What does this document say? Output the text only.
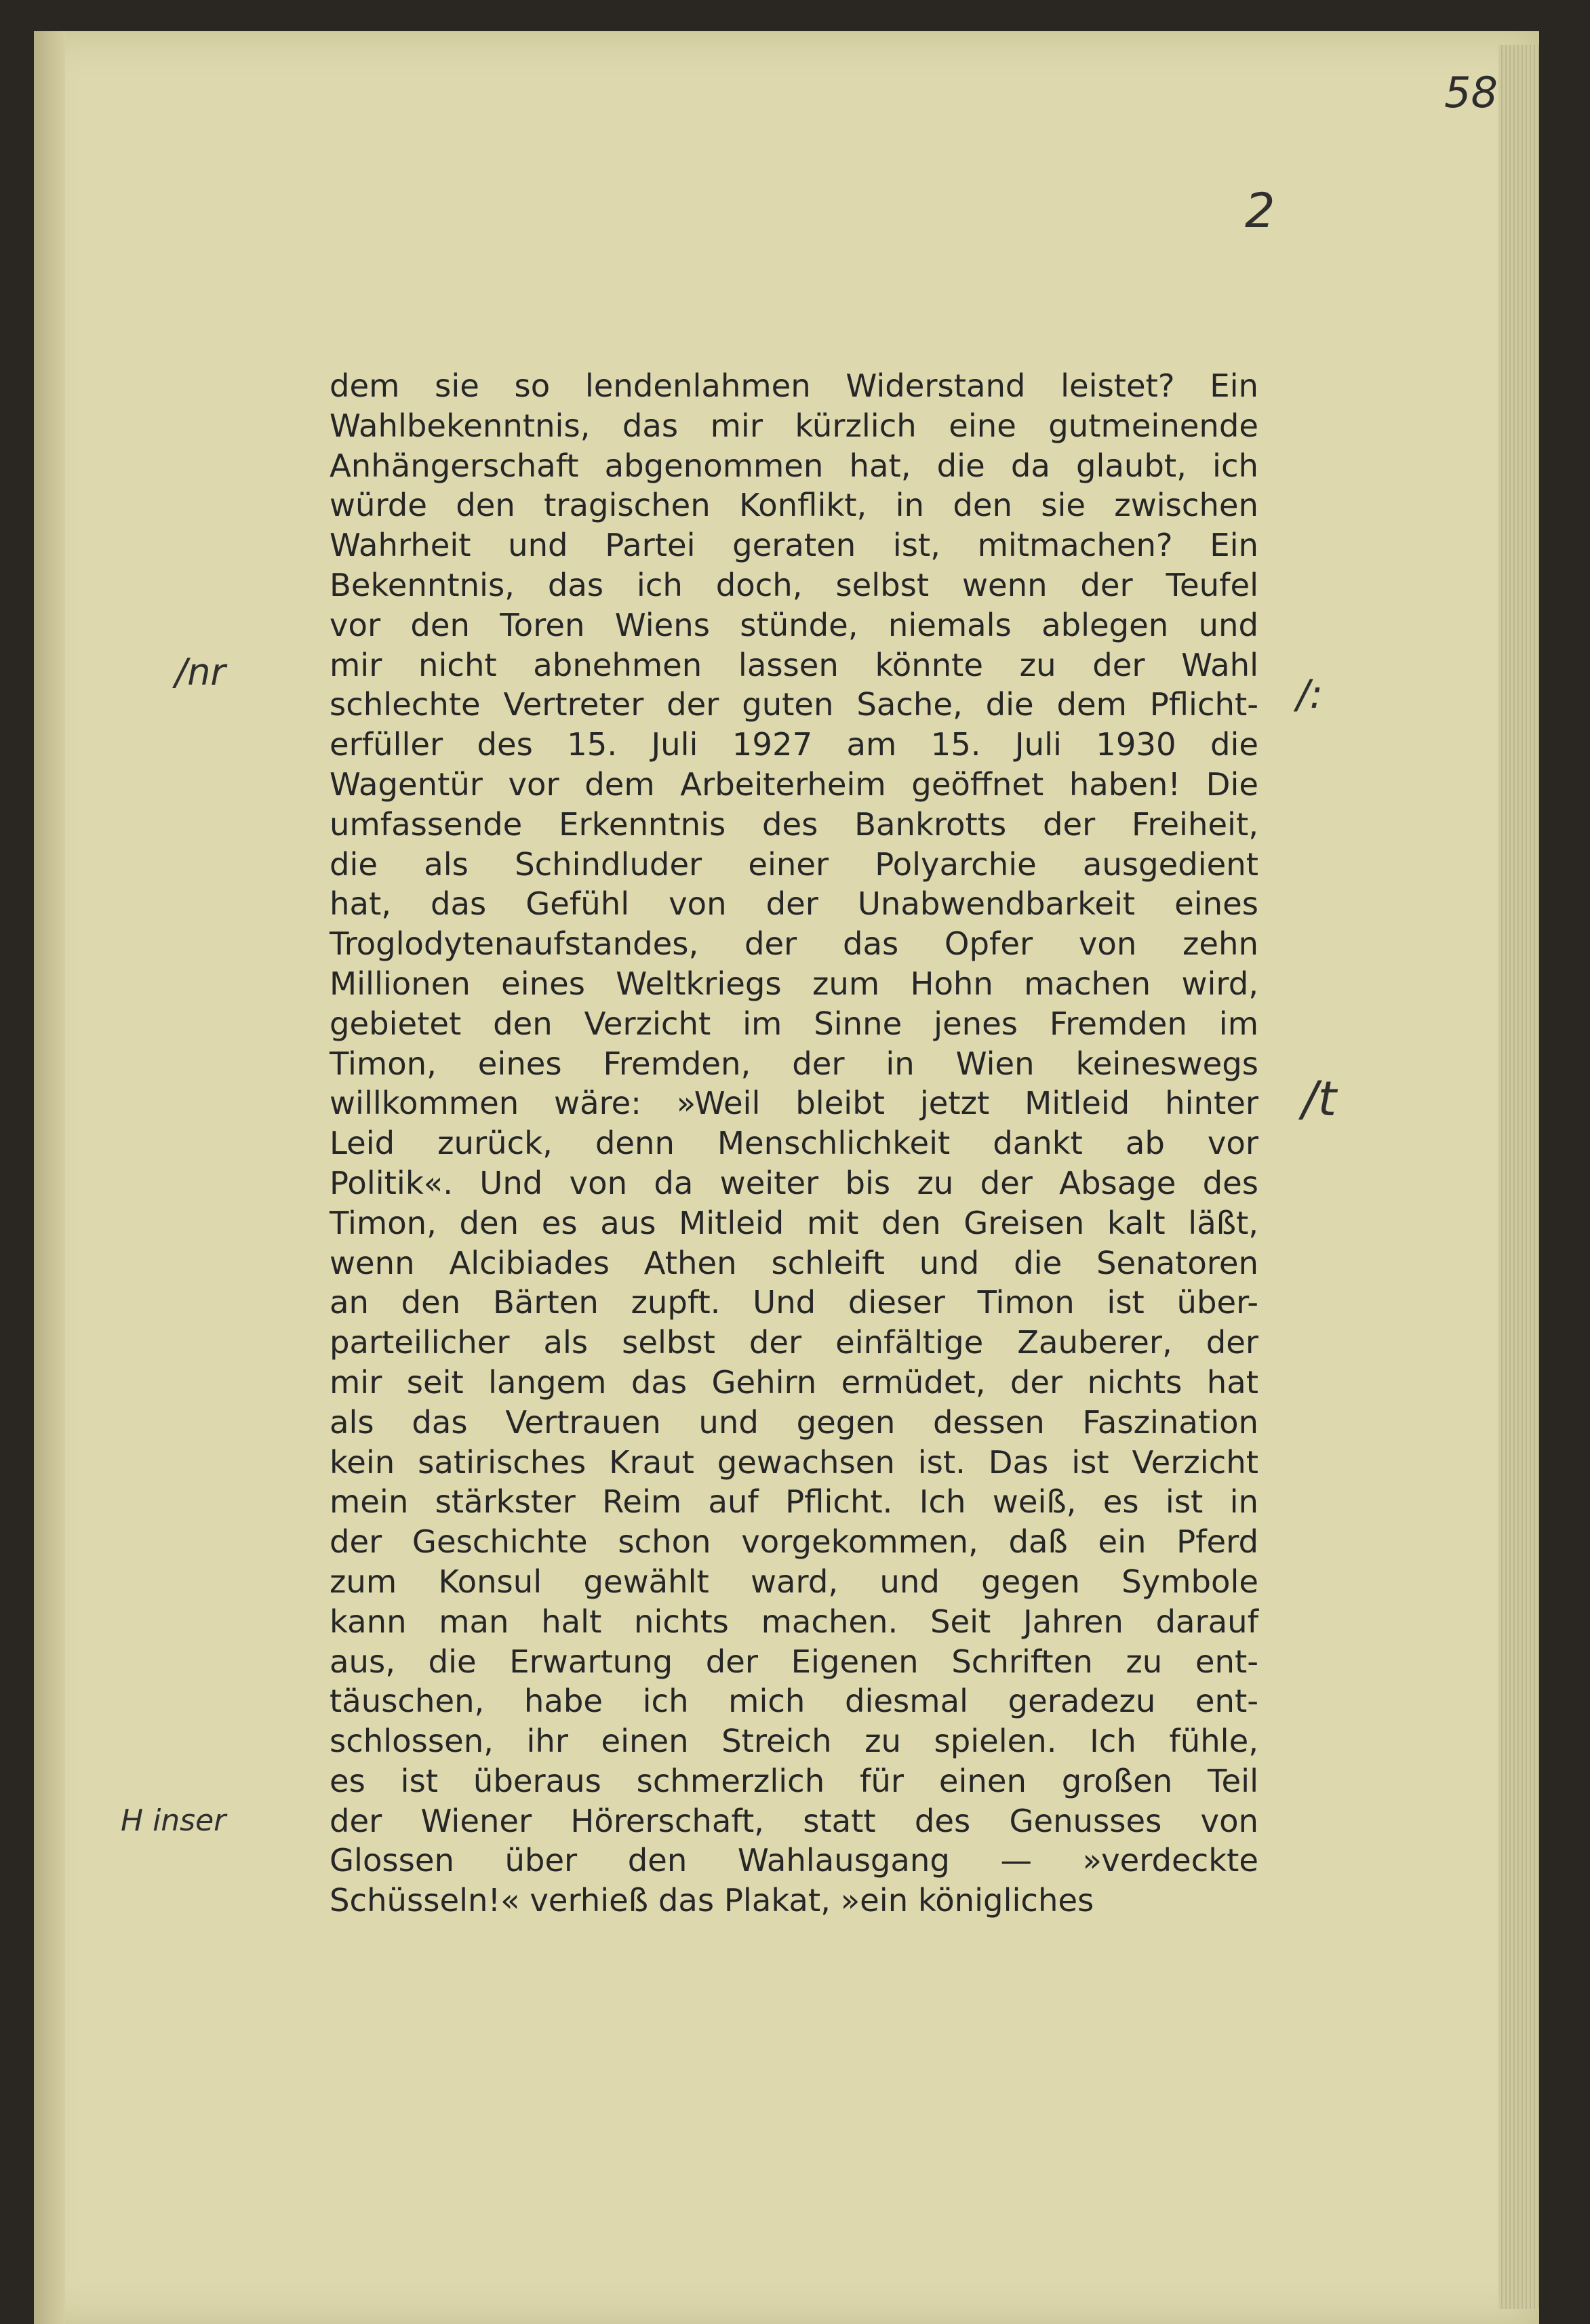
58
2
/nr	/:
/t
H inser
dem sie so lendenlahmen Widerstand leistet? Ein
Wahlbekenntnis, das mir kürzlich eine gutmeinende
Anhängerschaft abgenommen hat, die da glaubt, ich
würde den tragischen Konflikt, in den sie zwischen
Wahrheit und Partei geraten ist, mitmachen? Ein
Bekenntnis, das ich doch, selbst wenn der Teufel
vor den Toren Wiens stünde, niemals ablegen und
mir nicht abnehmen lassen könnte zu der Wahl
schlechte Vertreter der guten Sache, die dem Pflicht-
erfüller des 15. Juli 1927 am 15. Juli 1930 die
Wagentür vor dem Arbeiterheim geöffnet haben! Die
umfassende Erkenntnis des Bankrotts der Freiheit,
die als Schindluder einer Polyarchie ausgedient
hat, das Gefühl von der Unabwendbarkeit eines
Troglodytenaufstandes, der das Opfer von zehn
Millionen eines Weltkriegs zum Hohn machen wird,
gebietet den Verzicht im Sinne jenes Fremden im
Timon, eines Fremden, der in Wien keineswegs
willkommen wäre: »Weil bleibt jetzt Mitleid hinter
Leid zurück, denn Menschlichkeit dankt ab vor
Politik«. Und von da weiter bis zu der Absage des
Timon, den es aus Mitleid mit den Greisen kalt läßt,
wenn Alcibiades Athen schleift und die Senatoren
an den Bärten zupft. Und dieser Timon ist über-
parteilicher als selbst der einfältige Zauberer, der
mir seit langem das Gehirn ermüdet, der nichts hat
als das Vertrauen und gegen dessen Faszination
kein satirisches Kraut gewachsen ist. Das ist Verzicht
mein stärkster Reim auf Pflicht. Ich weiß, es ist in
der Geschichte schon vorgekommen, daß ein Pferd
zum Konsul gewählt ward, und gegen Symbole
kann man halt nichts machen. Seit Jahren darauf
aus, die Erwartung der Eigenen Schriften zu ent-
täuschen, habe ich mich diesmal geradezu ent-
schlossen, ihr einen Streich zu spielen. Ich fühle,
es ist überaus schmerzlich für einen großen Teil
der Wiener Hörerschaft, statt des Genusses von
Glossen über den Wahlausgang — »verdeckte
Schüsseln!« verhieß das Plakat, »ein königliches
